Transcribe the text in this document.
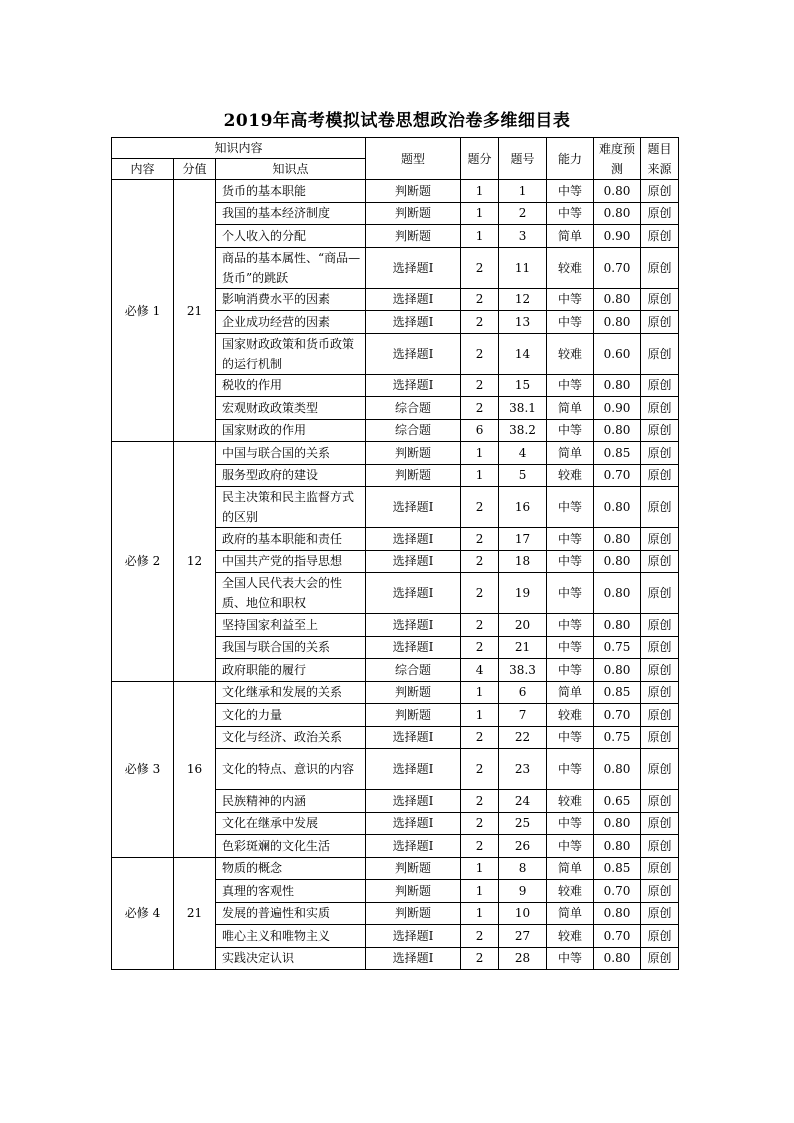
2019年高考模拟试卷思想政治卷多维细目表
知识内容			题型	题分	题号	能力	难度预测	题目来源
内容	分值	知识点						
必修 1	21	货币的基本职能	判断题	1	1	中等	0.80	原创
		我国的基本经济制度	判断题	1	2	中等	0.80	原创
		个人收入的分配	判断题	1	3	简单	0.90	原创
		商品的基本属性、“商品—货币”的跳跃	选择题Ⅰ	2	11	较难	0.70	原创
		影响消费水平的因素	选择题Ⅰ	2	12	中等	0.80	原创
		企业成功经营的因素	选择题Ⅰ	2	13	中等	0.80	原创
		国家财政政策和货币政策的运行机制	选择题Ⅰ	2	14	较难	0.60	原创
		税收的作用	选择题Ⅰ	2	15	中等	0.80	原创
		宏观财政政策类型	综合题	2	38.1	简单	0.90	原创
		国家财政的作用	综合题	6	38.2	中等	0.80	原创
必修 2	12	中国与联合国的关系	判断题	1	4	简单	0.85	原创
		服务型政府的建设	判断题	1	5	较难	0.70	原创
		民主决策和民主监督方式的区别	选择题Ⅰ	2	16	中等	0.80	原创
		政府的基本职能和责任	选择题Ⅰ	2	17	中等	0.80	原创
		中国共产党的指导思想	选择题Ⅰ	2	18	中等	0.80	原创
		全国人民代表大会的性质、地位和职权	选择题Ⅰ	2	19	中等	0.80	原创
		坚持国家利益至上	选择题Ⅰ	2	20	中等	0.80	原创
		我国与联合国的关系	选择题Ⅰ	2	21	中等	0.75	原创
		政府职能的履行	综合题	4	38.3	中等	0.80	原创
必修 3	16	文化继承和发展的关系	判断题	1	6	简单	0.85	原创
		文化的力量	判断题	1	7	较难	0.70	原创
		文化与经济、政治关系	选择题Ⅰ	2	22	中等	0.75	原创
		文化的特点、意识的内容	选择题Ⅰ	2	23	中等	0.80	原创
		民族精神的内涵	选择题Ⅰ	2	24	较难	0.65	原创
		文化在继承中发展	选择题Ⅰ	2	25	中等	0.80	原创
		色彩斑斓的文化生活	选择题Ⅰ	2	26	中等	0.80	原创
必修 4	21	物质的概念	判断题	1	8	简单	0.85	原创
		真理的客观性	判断题	1	9	较难	0.70	原创
		发展的普遍性和实质	判断题	1	10	简单	0.80	原创
		唯心主义和唯物主义	选择题Ⅰ	2	27	较难	0.70	原创
		实践决定认识	选择题Ⅰ	2	28	中等	0.80	原创
